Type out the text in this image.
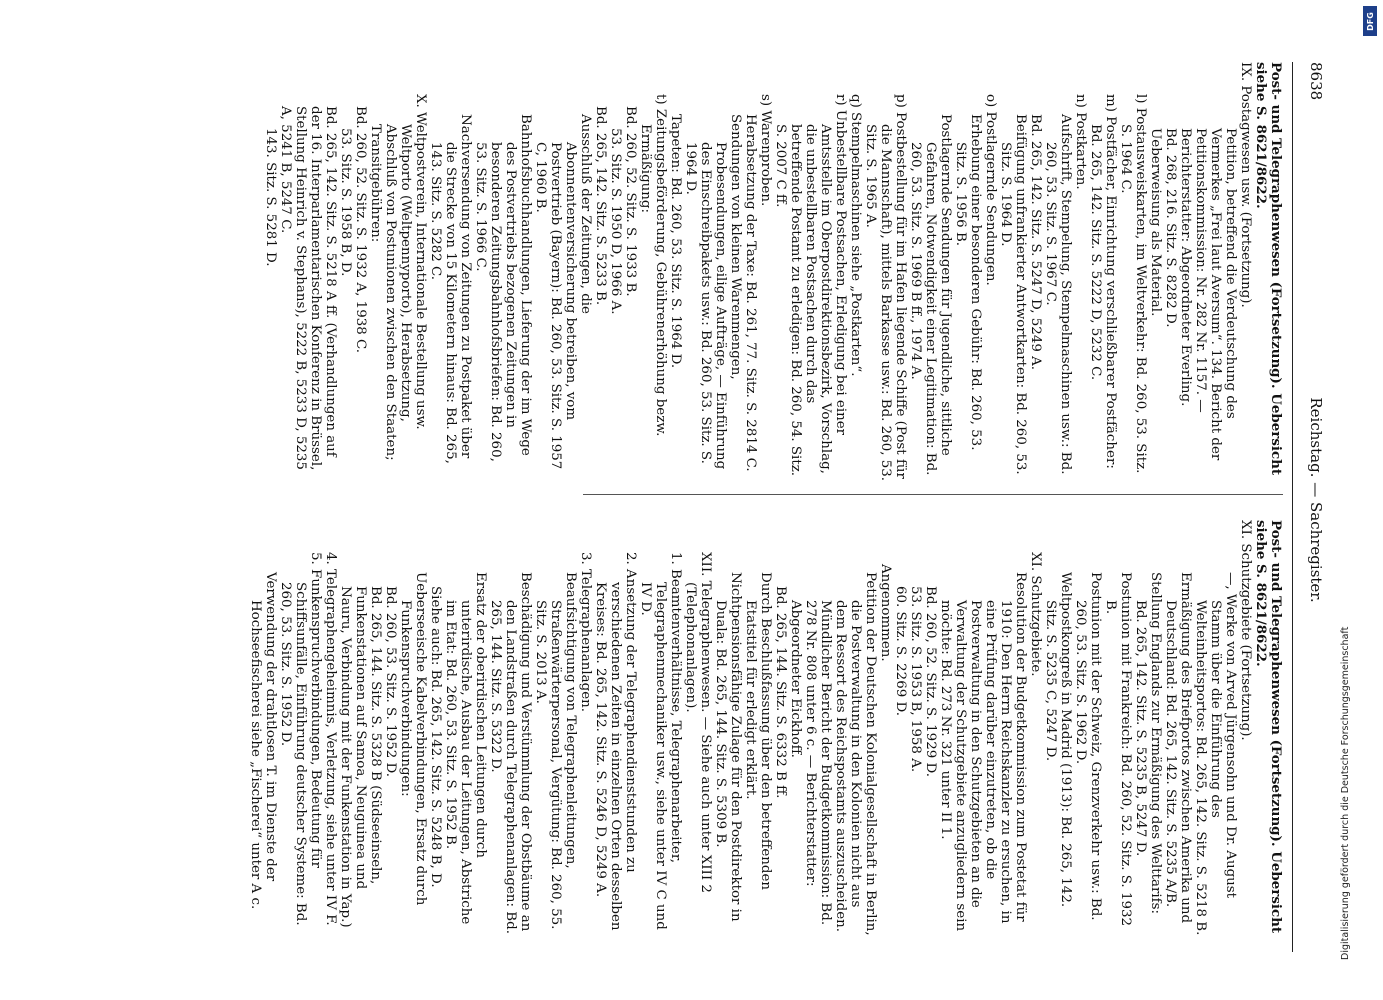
8638
Reichstag. — Sachregister.

Post- und Telegraphenwesen (Fortsetzung). Uebersicht siehe S. 8621/8622.

IX. Postagwesen usw. (Fortsetzung).

Petition, betreffend die Verdeutschung des Vermerkes „Frei laut Aversum“. 134. Bericht der Petitionskommission: Nr. 282 Nr. 1157. — Berichterstatter: Abgeordneter Everling.

Bd. 268, 216. Sitz. S. 8282 D.

Ueberweisung als Material.

l) Postausweiskarten, im Weltverkehr: Bd. 260, 53. Sitz. S. 1964 C.

m) Postfächer, Einrichtung verschließbarer Postfächer: Bd. 265, 142. Sitz. S. 5222 D, 5232 C.

n) Postkarten.

Aufschrift, Stempelung, Stempelmaschinen usw.: Bd. 260, 53. Sitz. S. 1967 C.

Bd. 265, 142. Sitz. S. 5247 D, 5249 A.

Beifügung unfrankierter Antwortkarten: Bd. 260, 53. Sitz. S. 1964 D.

o) Postlagernde Sendungen.

Erhebung einer besonderen Gebühr: Bd. 260, 53. Sitz. S. 1956 B.

Postlagernde Sendungen für Jugendliche, sittliche Gefahren, Notwendigkeit einer Legitimation: Bd. 260, 53. Sitz. S. 1969 B ff., 1974 A.

p) Postbestellung für im Hafen liegende Schiffe (Post für die Mannschaft), mittels Barkasse usw.: Bd. 260, 53. Sitz. S. 1965 A.

q) Stempelmaschinen siehe „Postkarten“.

r) Unbestellbare Postsachen, Erledigung bei einer Amtsstelle im Oberpostdirektionsbezirk, Vorschlag, die unbestellbaren Postsachen durch das betreffende Postamt zu erledigen: Bd. 260, 54. Sitz. S. 2007 C ff.

s) Warenproben.

Herabsetzung der Taxe: Bd. 261, 77. Sitz. S. 2814 C.

Sendungen von kleinen Warenmengen, Probesendungen, eilige Aufträge, — Einführung des Einschreibpakets usw.: Bd. 260, 53. Sitz. S. 1964 D.

Tapeten: Bd. 260, 53. Sitz. S. 1964 D.

t) Zeitungsbeförderung, Gebührenerhöhung bezw. Ermäßigung:

Bd. 260, 52. Sitz. S. 1933 B.

53. Sitz. S. 1950 D, 1966 A.

Bd. 265, 142. Sitz. S. 5233 B.

Ausschluß der Zeitungen, die Abonnentenversicherung betreiben, vom Postvertrieb (Bayern): Bd. 260, 53. Sitz. S. 1957 C, 1960 B.

Bahnhofsbuchhandlungen, Lieferung der im Wege des Postvertriebs bezogenen Zeitungen in besonderen Zeitungsbahnhofsbriefen: Bd. 260, 53. Sitz. S. 1966 C.

Nachversendung von Zeitungen zu Postpaket über die Strecke von 15 Kilometern hinaus: Bd. 265, 143. Sitz. S. 5282 C.

X. Weltpostverein, Internationale Bestellung usw. Weltporto (Weltpennyporto), Herabsetzung, Abschluß von Postunionen zwischen den Staaten; Transitgebühren:

Bd. 260, 52. Sitz. S. 1932 A, 1938 C.

53. Sitz. S. 1958 B, D.

Bd. 265, 142. Sitz. S. 5218 A ff. (Verhandlungen auf der 16. Interparlamentarischen Konferenz in Brüssel, Stellung Heinrich v. Stephans), 5222 B, 5233 D, 5235 A, 5241 B, 5247 C.

143. Sitz. S. 5281 D.

Post- und Telegraphenwesen (Fortsetzung). Uebersicht siehe S. 8621/8622.

XI. Schutzgebiete (Fortsetzung).

—, Werke von Arved Jürgensohn und Dr. August Stamm über die Einführung des Welteinheitsportos: Bd. 265, 142. Sitz. S. 5218 B.

Ermäßigung des Briefportos zwischen Amerika und Deutschland: Bd. 265, 142. Sitz. S. 5235 A/B.

Stellung Englands zur Ermäßigung des Welttarifs: Bd. 265, 142. Sitz. S. 5235 B, 5247 D.

Postunion mit Frankreich: Bd. 260, 52. Sitz. S. 1932 B.

Postunion mit der Schweiz, Grenzverkehr usw.: Bd. 260, 53. Sitz. S. 1962 D.

Weltpostkongreß in Madrid (1913): Bd. 265, 142. Sitz. S. 5235 C, 5247 D.

XI. Schutzgebiete.

Resolution der Budgetkommission zum Postetat für 1910: Den Herrn Reichskanzler zu ersuchen, in eine Prüfung darüber einzutreten, ob die Postverwaltung in den Schutzgebieten an die Verwaltung der Schutzgebiete anzugliedern sein möchte: Bd. 273 Nr. 321 unter II 1.

Bd. 260, 52. Sitz. S. 1929 D.

53. Sitz. S. 1953 B, 1958 A.

60. Sitz. S. 2269 D.

Angenommen.

Petition der Deutschen Kolonialgesellschaft in Berlin, die Postverwaltung in den Kolonien nicht aus dem Ressort des Reichspostamts auszuscheiden. Mündlicher Bericht der Budgetkommission: Bd. 278 Nr. 808 unter 6 c. — Berichterstatter: Abgeordneter Eickhoff.

Bd. 265, 144. Sitz. S. 6332 B ff.

Durch Beschlußfassung über den betreffenden Etatstitel für erledigt erklärt.

Nichtpensionsfähige Zulage für den Postdirektor in Duala: Bd. 265, 144. Sitz. S. 5309 B.

XII. Telegraphenwesen. — Siehe auch unter XIII 2 (Telephonanlagen).

1. Beamtenverhältnisse, Telegraphenarbeiter, Telegraphenmechaniker usw., siehe unter IV C und IV D.

2. Ansetzung der Telegraphendienststunden zu verschiedenen Zeiten in einzelnen Orten desselben Kreises: Bd. 265, 142. Sitz. S. 5246 D, 5249 A.

3. Telegraphenanlagen.

Beaufsichtigung von Telegraphenleitungen, Straßenwärterpersonal, Vergütung: Bd. 260, 55. Sitz. S. 2013 A.

Beschädigung und Verstümmlung der Obstbäume an den Landstraßen durch Telegraphenanlagen: Bd. 265, 144. Sitz. S. 5322 D.

Ersatz der oberirdischen Leitungen durch unterirdische, Ausbau der Leitungen, Abstriche im Etat: Bd. 260, 53. Sitz. S. 1952 B.

Siehe auch: Bd. 265, 142. Sitz. S. 5248 B, D.

Ueberseeische Kabelverbindungen, Ersatz durch Funkenspruchverbindungen:

Bd. 260, 53. Sitz. S. 1952 D.

Bd. 265, 144. Sitz. S. 5328 B (Südseeinseln, Funkenstationen auf Samoa, Neuguinea und Nauru, Verbindung mit der Funkenstation in Yap.)

4. Telegraphengeheimnis, Verletzung, siehe unter IV F.

5. Funkenspruchverbindungen, Bedeutung für Schiffsunfälle, Einführung deutscher Systeme: Bd. 260, 53. Sitz. S. 1952 D.

Verwendung der drahtlosen T. im Dienste der Hochseefischerei siehe „Fischerei“ unter A c.	Digitalisierung gefördert durch die Deutsche Forschungsgemeinschaft
DFG
